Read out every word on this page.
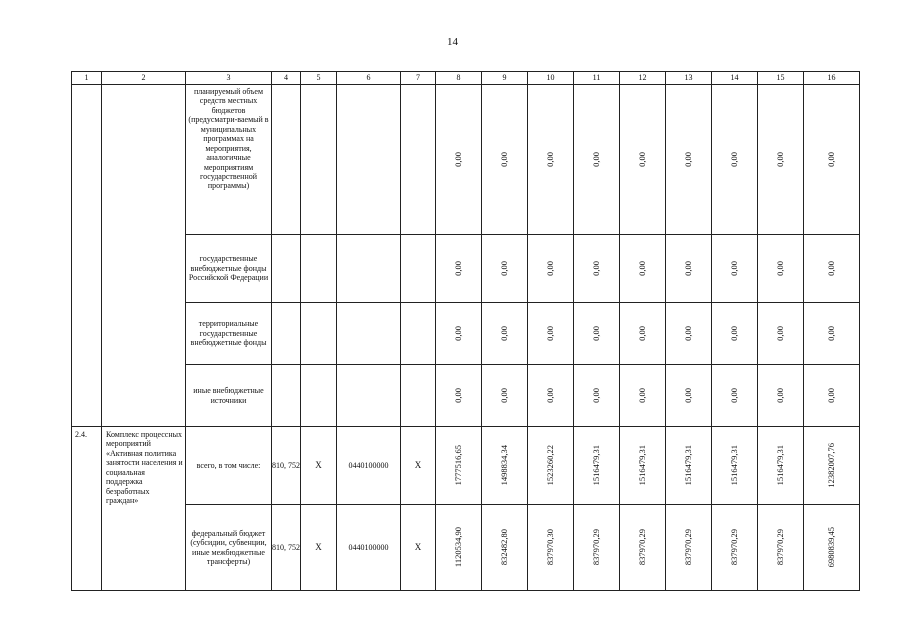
14
1	2	3	4	5	6	7	8	9	10	11	12	13	14	15	16
		планируемый объем средств местных бюджетов (предусматри-ваемый в муниципальных программах на мероприятия, аналогичные мероприятиям государственной программы)					0,00	0,00	0,00	0,00	0,00	0,00	0,00	0,00	0,00

		государственные внебюджетные фонды Российской Федерации					0,00	0,00	0,00	0,00	0,00	0,00	0,00	0,00	0,00

		территориальные государственные внебюджетные фонды					0,00	0,00	0,00	0,00	0,00	0,00	0,00	0,00	0,00

		иные внебюджетные источники					0,00	0,00	0,00	0,00	0,00	0,00	0,00	0,00	0,00

2.4.	Комплекс процессных мероприятий «Активная политика занятости населения и социальная поддержка безработных граждан»	всего, в том числе:	810, 752	X	0440100000	X	1777516,65	1498834,34	1523260,22	1516479,31	1516479,31	1516479,31	1516479,31	1516479,31	12382007,76

		федеральный бюджет (субсидии, субвенции, иные межбюджетные трансферты)	810, 752	X	0440100000	X	1120534,90	832482,80	837970,30	837970,29	837970,29	837970,29	837970,29	837970,29	6980839,45
